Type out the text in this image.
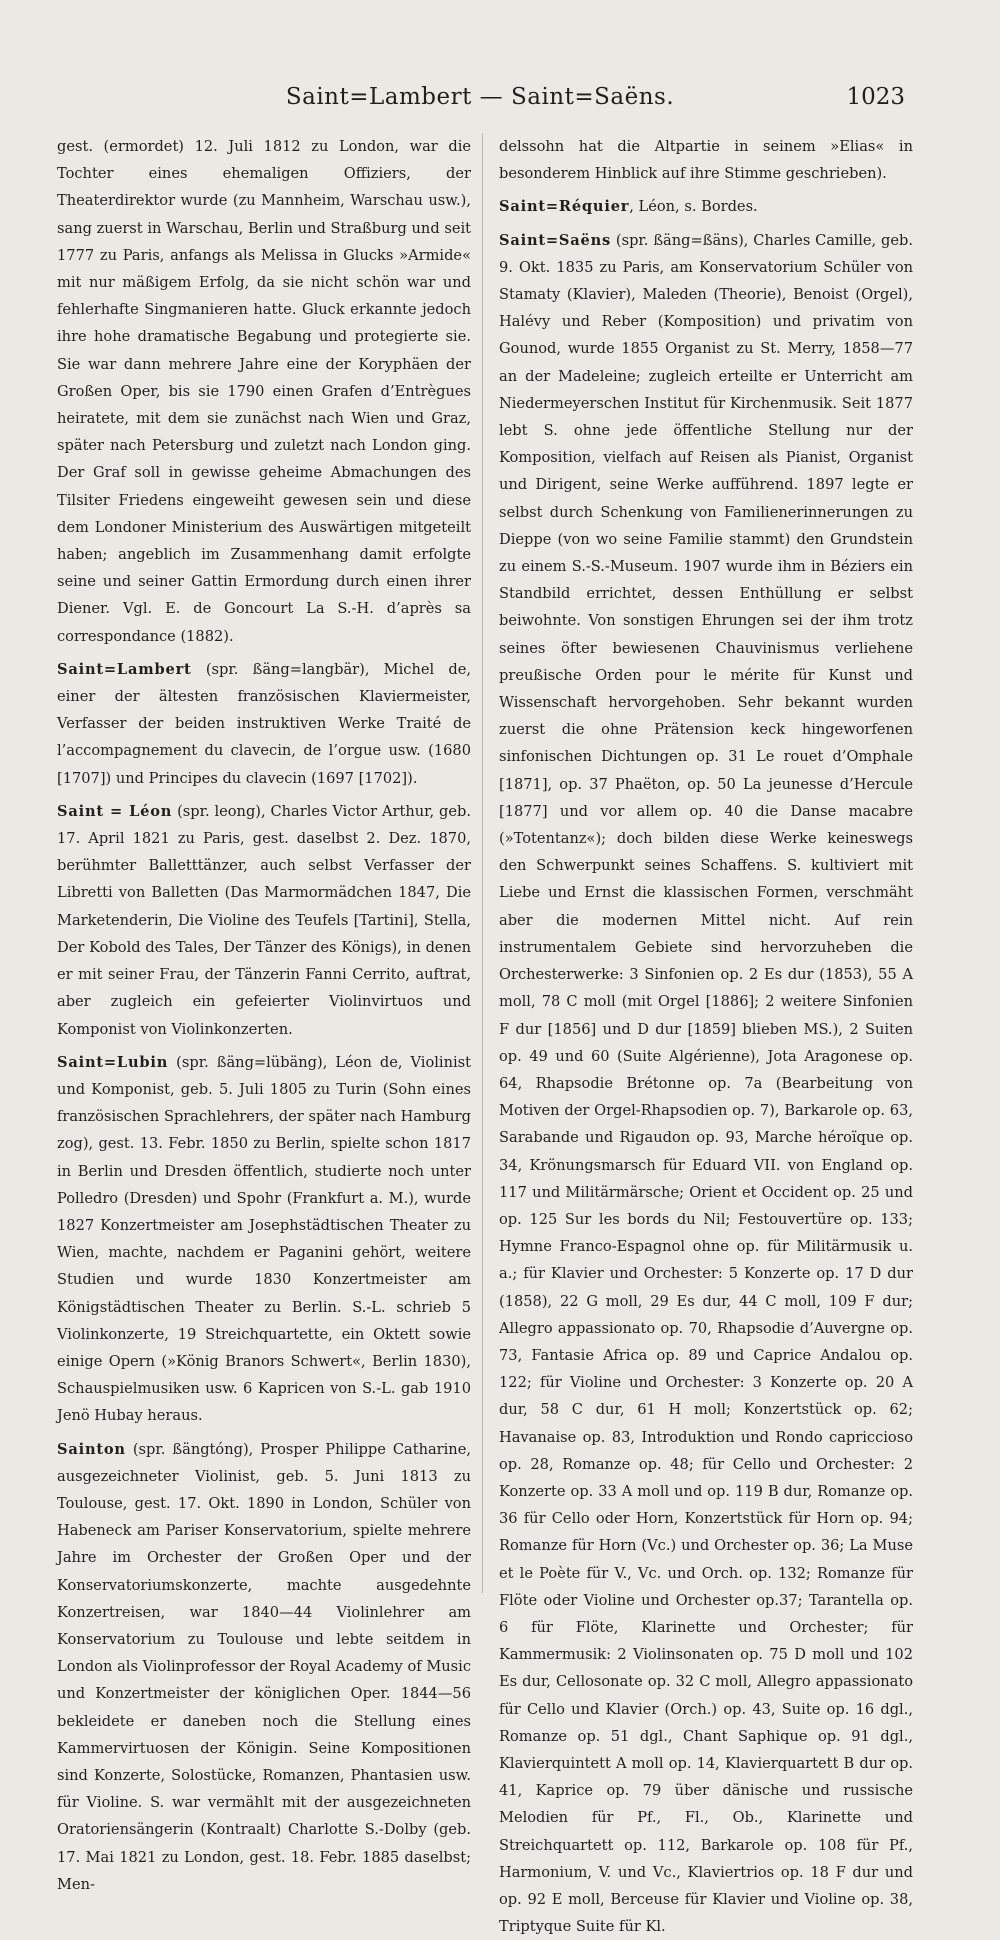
Saint=Lambert — Saint=Saëns.	1023

gest. (ermordet) 12. Juli 1812 zu London, war die Tochter eines ehemaligen Offiziers, der Theaterdirektor wurde (zu Mannheim, Warschau usw.), sang zuerst in Warschau, Berlin und Straßburg und seit 1777 zu Paris, anfangs als Melissa in Glucks »Armide« mit nur mäßigem Erfolg, da sie nicht schön war und fehlerhafte Singmanieren hatte. Gluck erkannte jedoch ihre hohe dramatische Begabung und protegierte sie. Sie war dann mehrere Jahre eine der Koryphäen der Großen Oper, bis sie 1790 einen Grafen d’Entrègues heiratete, mit dem sie zunächst nach Wien und Graz, später nach Petersburg und zuletzt nach London ging. Der Graf soll in gewisse geheime Abmachungen des Tilsiter Friedens eingeweiht gewesen sein und diese dem Londoner Ministerium des Auswärtigen mitgeteilt haben; angeblich im Zusammenhang damit erfolgte seine und seiner Gattin Ermordung durch einen ihrer Diener. Vgl. E. de Goncourt La S.-H. d’après sa correspondance (1882).

Saint=Lambert (spr. ßäng=langbär), Michel de, einer der ältesten französischen Klaviermeister, Verfasser der beiden instruktiven Werke Traité de l’accompagnement du clavecin, de l’orgue usw. (1680 [1707]) und Principes du clavecin (1697 [1702]).

Saint = Léon (spr. leong), Charles Victor Arthur, geb. 17. April 1821 zu Paris, gest. daselbst 2. Dez. 1870, berühmter Balletttänzer, auch selbst Verfasser der Libretti von Balletten (Das Marmormädchen 1847, Die Marketenderin, Die Violine des Teufels [Tartini], Stella, Der Kobold des Tales, Der Tänzer des Königs), in denen er mit seiner Frau, der Tänzerin Fanni Cerrito, auftrat, aber zugleich ein gefeierter Violinvirtuos und Komponist von Violinkonzerten.

Saint=Lubin (spr. ßäng=lübäng), Léon de, Violinist und Komponist, geb. 5. Juli 1805 zu Turin (Sohn eines französischen Sprachlehrers, der später nach Hamburg zog), gest. 13. Febr. 1850 zu Berlin, spielte schon 1817 in Berlin und Dresden öffentlich, studierte noch unter Polledro (Dresden) und Spohr (Frankfurt a. M.), wurde 1827 Konzertmeister am Josephstädtischen Theater zu Wien, machte, nachdem er Paganini gehört, weitere Studien und wurde 1830 Konzertmeister am Königstädtischen Theater zu Berlin. S.-L. schrieb 5 Violinkonzerte, 19 Streichquartette, ein Oktett sowie einige Opern (»König Branors Schwert«, Berlin 1830), Schauspielmusiken usw. 6 Kapricen von S.-L. gab 1910 Jenö Hubay heraus.

Sainton (spr. ßängtóng), Prosper Philippe Catharine, ausgezeichneter Violinist, geb. 5. Juni 1813 zu Toulouse, gest. 17. Okt. 1890 in London, Schüler von Habeneck am Pariser Konservatorium, spielte mehrere Jahre im Orchester der Großen Oper und der Konservatoriumskonzerte, machte ausgedehnte Konzertreisen, war 1840—44 Violinlehrer am Konservatorium zu Toulouse und lebte seitdem in London als Violinprofessor der Royal Academy of Music und Konzertmeister der königlichen Oper. 1844—56 bekleidete er daneben noch die Stellung eines Kammervirtuosen der Königin. Seine Kompositionen sind Konzerte, Solostücke, Romanzen, Phantasien usw. für Violine. S. war vermählt mit der ausgezeichneten Oratoriensängerin (Kontraalt) Charlotte S.-Dolby (geb. 17. Mai 1821 zu London, gest. 18. Febr. 1885 daselbst; Men-

delssohn hat die Altpartie in seinem »Elias« in besonderem Hinblick auf ihre Stimme geschrieben).

Saint=Réquier, Léon, s. Bordes.

Saint=Saëns (spr. ßäng=ßäns), Charles Camille, geb. 9. Okt. 1835 zu Paris, am Konservatorium Schüler von Stamaty (Klavier), Maleden (Theorie), Benoist (Orgel), Halévy und Reber (Komposition) und privatim von Gounod, wurde 1855 Organist zu St. Merry, 1858—77 an der Madeleine; zugleich erteilte er Unterricht am Niedermeyerschen Institut für Kirchenmusik. Seit 1877 lebt S. ohne jede öffentliche Stellung nur der Komposition, vielfach auf Reisen als Pianist, Organist und Dirigent, seine Werke aufführend. 1897 legte er selbst durch Schenkung von Familienerinnerungen zu Dieppe (von wo seine Familie stammt) den Grundstein zu einem S.-S.-Museum. 1907 wurde ihm in Béziers ein Standbild errichtet, dessen Enthüllung er selbst beiwohnte. Von sonstigen Ehrungen sei der ihm trotz seines öfter bewiesenen Chauvinismus verliehene preußische Orden pour le mérite für Kunst und Wissenschaft hervorgehoben. Sehr bekannt wurden zuerst die ohne Prätension keck hingeworfenen sinfonischen Dichtungen op. 31 Le rouet d’Omphale [1871], op. 37 Phaëton, op. 50 La jeunesse d’Hercule [1877] und vor allem op. 40 die Danse macabre (»Totentanz«); doch bilden diese Werke keineswegs den Schwerpunkt seines Schaffens. S. kultiviert mit Liebe und Ernst die klassischen Formen, verschmäht aber die modernen Mittel nicht. Auf rein instrumentalem Gebiete sind hervorzuheben die Orchesterwerke: 3 Sinfonien op. 2 Es dur (1853), 55 A moll, 78 C moll (mit Orgel [1886]; 2 weitere Sinfonien F dur [1856] und D dur [1859] blieben MS.), 2 Suiten op. 49 und 60 (Suite Algérienne), Jota Aragonese op. 64, Rhapsodie Brétonne op. 7a (Bearbeitung von Motiven der Orgel-Rhapsodien op. 7), Barkarole op. 63, Sarabande und Rigaudon op. 93, Marche héroïque op. 34, Krönungsmarsch für Eduard VII. von England op. 117 und Militärmärsche; Orient et Occident op. 25 und op. 125 Sur les bords du Nil; Festouvertüre op. 133; Hymne Franco-Espagnol ohne op. für Militärmusik u. a.; für Klavier und Orchester: 5 Konzerte op. 17 D dur (1858), 22 G moll, 29 Es dur, 44 C moll, 109 F dur; Allegro appassionato op. 70, Rhapsodie d’Auvergne op. 73, Fantasie Africa op. 89 und Caprice Andalou op. 122; für Violine und Orchester: 3 Konzerte op. 20 A dur, 58 C dur, 61 H moll; Konzertstück op. 62; Havanaise op. 83, Introduktion und Rondo capriccioso op. 28, Romanze op. 48; für Cello und Orchester: 2 Konzerte op. 33 A moll und op. 119 B dur, Romanze op. 36 für Cello oder Horn, Konzertstück für Horn op. 94; Romanze für Horn (Vc.) und Orchester op. 36; La Muse et le Poète für V., Vc. und Orch. op. 132; Romanze für Flöte oder Violine und Orchester op.37; Tarantella op. 6 für Flöte, Klarinette und Orchester; für Kammermusik: 2 Violinsonaten op. 75 D moll und 102 Es dur, Cellosonate op. 32 C moll, Allegro appassionato für Cello und Klavier (Orch.) op. 43, Suite op. 16 dgl., Romanze op. 51 dgl., Chant Saphique op. 91 dgl., Klavierquintett A moll op. 14, Klavierquartett B dur op. 41, Kaprice op. 79 über dänische und russische Melodien für Pf., Fl., Ob., Klarinette und Streichquartett op. 112, Barkarole op. 108 für Pf., Harmonium, V. und Vc., Klaviertrios op. 18 F dur und op. 92 E moll, Berceuse für Klavier und Violine op. 38, Triptyque Suite für Kl.
